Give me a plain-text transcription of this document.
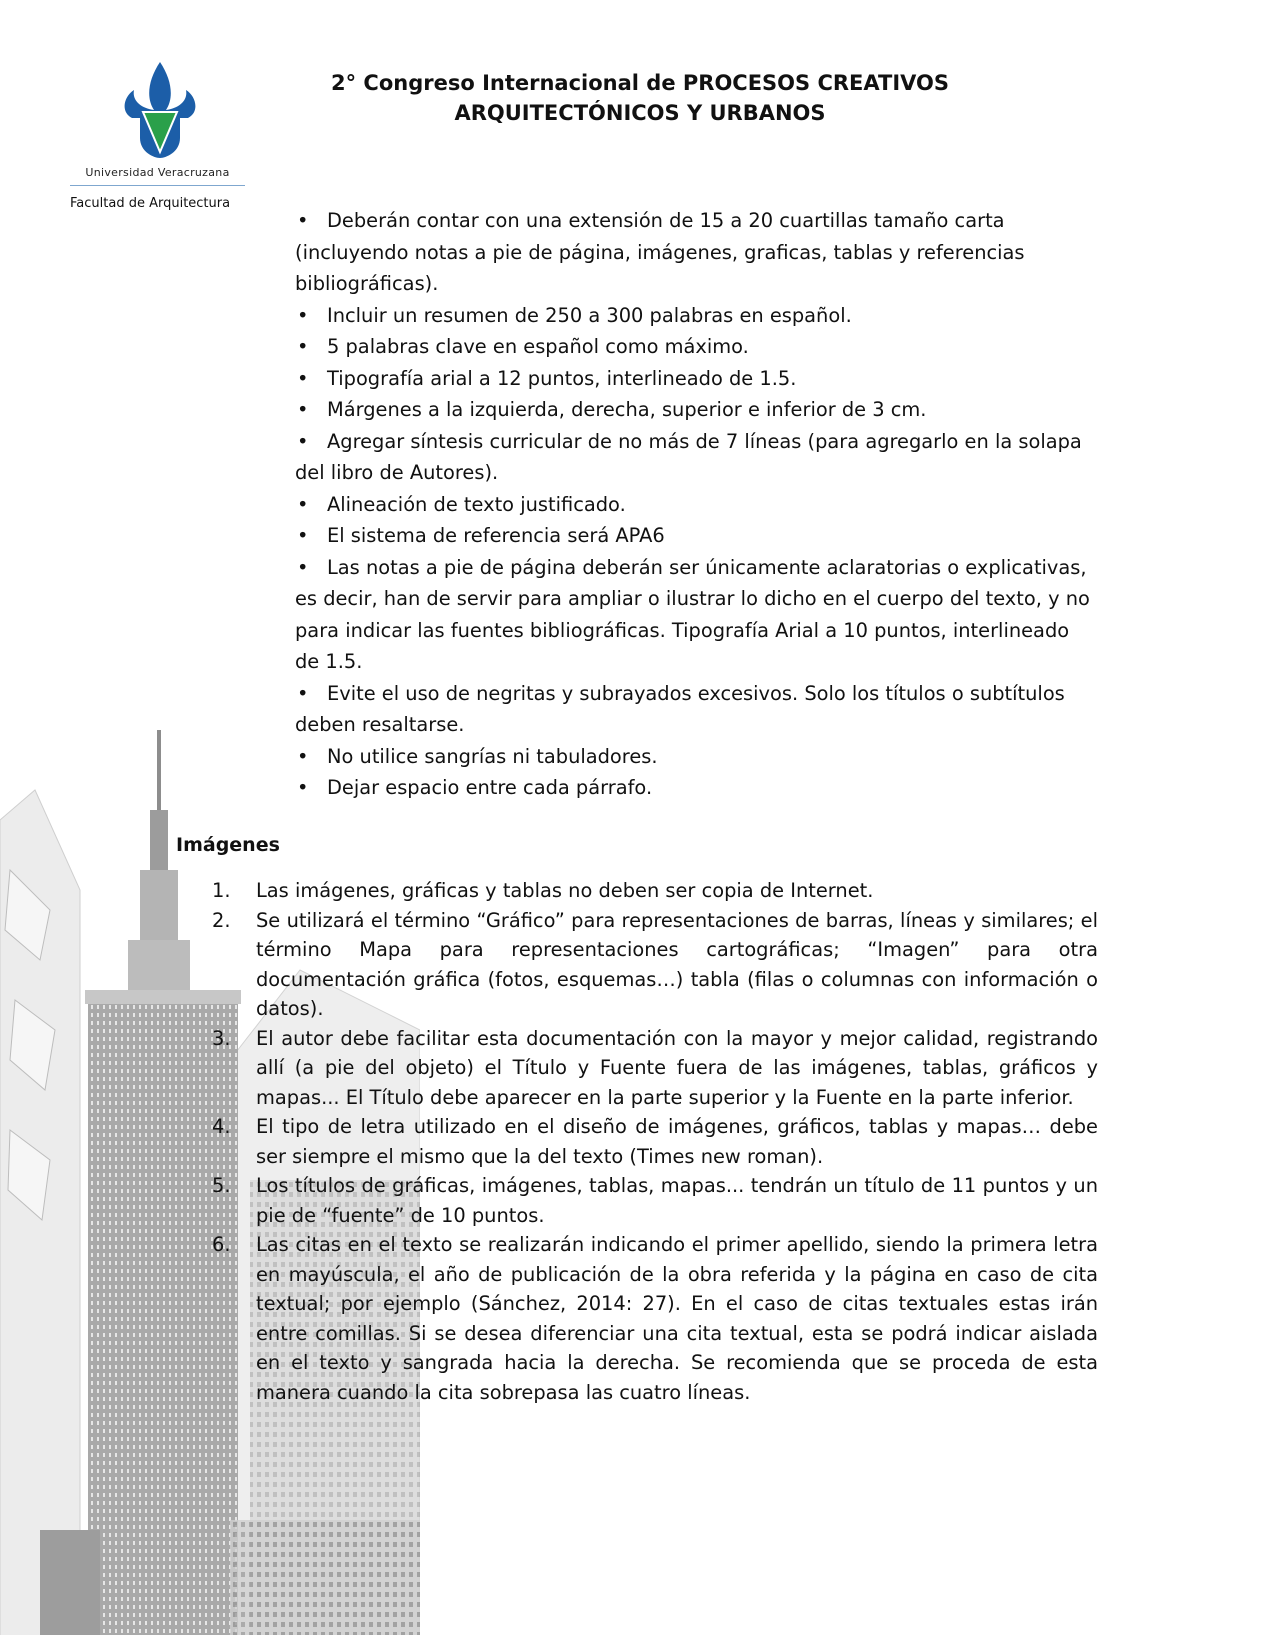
Universidad Veracruzana
Facultad de Arquitectura
2° Congreso Internacional de PROCESOS CREATIVOS
ARQUITECTÓNICOS Y URBANOS
• Deberán contar con una extensión de 15 a 20 cuartillas tamaño carta (incluyendo notas a pie de página, imágenes, graficas, tablas y referencias bibliográficas).
• Incluir un resumen de 250 a 300 palabras en español.
• 5 palabras clave en español como máximo.
• Tipografía arial a 12 puntos, interlineado de 1.5.
• Márgenes a la izquierda, derecha, superior e inferior de 3 cm.
• Agregar síntesis curricular de no más de 7 líneas (para agregarlo en la solapa del libro de Autores).
• Alineación de texto justificado.
• El sistema de referencia será APA6
• Las notas a pie de página deberán ser únicamente aclaratorias o explicativas, es decir, han de servir para ampliar o ilustrar lo dicho en el cuerpo del texto, y no para indicar las fuentes bibliográficas. Tipografía Arial a 10 puntos, interlineado de 1.5.
• Evite el uso de negritas y subrayados excesivos. Solo los títulos o subtítulos deben resaltarse.
• No utilice sangrías ni tabuladores.
• Dejar espacio entre cada párrafo.
Imágenes
1.	Las imágenes, gráficas y tablas no deben ser copia de Internet.
2.	Se utilizará el término “Gráfico” para representaciones de barras, líneas y similares; el término Mapa para representaciones cartográficas; “Imagen” para otra documentación gráfica (fotos, esquemas…) tabla (filas o columnas con información o datos).
3.	El autor debe facilitar esta documentación con la mayor y mejor calidad, registrando allí (a pie del objeto) el Título y Fuente fuera de las imágenes, tablas, gráficos y mapas... El Título debe aparecer en la parte superior y la Fuente en la parte inferior.
4.	El tipo de letra utilizado en el diseño de imágenes, gráficos, tablas y mapas… debe ser siempre el mismo que la del texto (Times new roman).
5.	Los títulos de gráficas, imágenes, tablas, mapas... tendrán un título de 11 puntos y un pie de “fuente” de 10 puntos.
6.	Las citas en el texto se realizarán indicando el primer apellido, siendo la primera letra en mayúscula, el año de publicación de la obra referida y la página en caso de cita textual; por ejemplo (Sánchez, 2014: 27). En el caso de citas textuales estas irán entre comillas. Si se desea diferenciar una cita textual, esta se podrá indicar aislada en el texto y sangrada hacia la derecha. Se recomienda que se proceda de esta manera cuando la cita sobrepasa las cuatro líneas.
